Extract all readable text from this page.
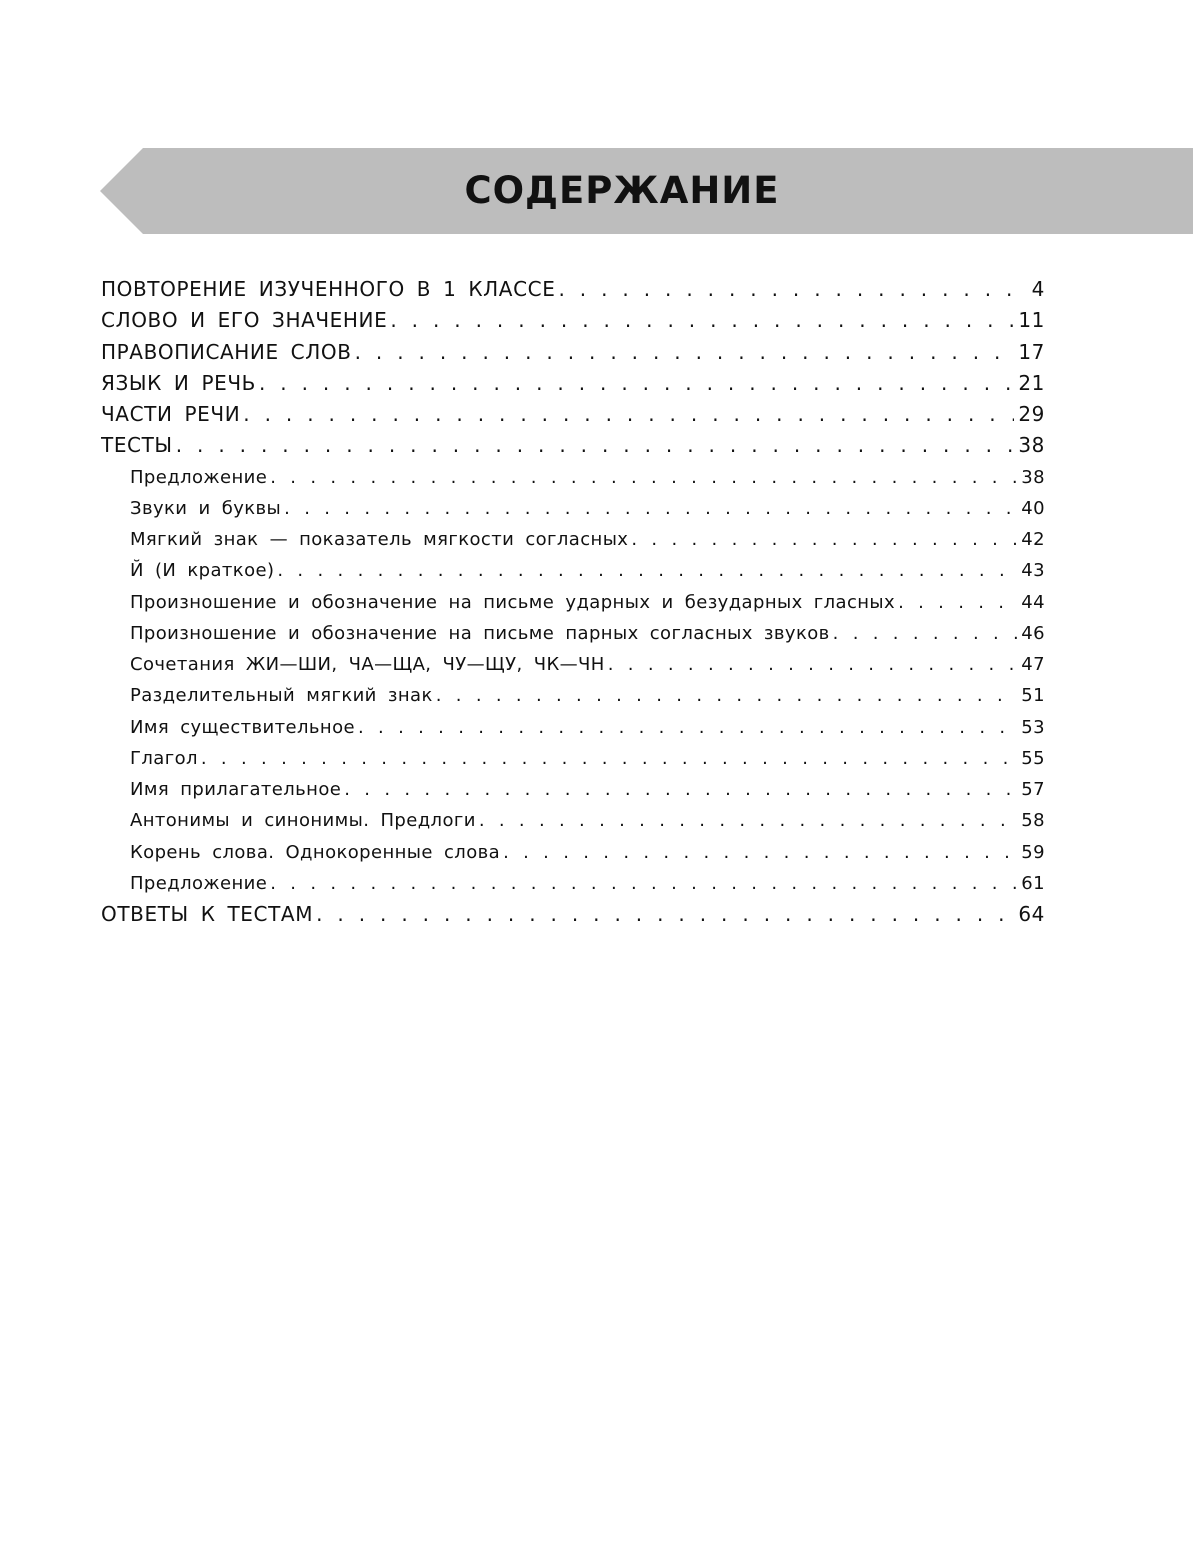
СОДЕРЖАНИЕ
ПОВТОРЕНИЕ ИЗУЧЕННОГО В 1 КЛАССЕ . . .	4
СЛОВО И ЕГО ЗНАЧЕНИЕ . . .	11
ПРАВОПИСАНИЕ СЛОВ . . .	17
ЯЗЫК И РЕЧЬ . . .	21
ЧАСТИ РЕЧИ . . .	29
ТЕСТЫ . . .	38
Предложение . . .	38
Звуки и буквы . . .	40
Мягкий знак — показатель мягкости согласных . . .	42
Й (И краткое) . . .	43
Произношение и обозначение на письме ударных и безударных гласных . . .	44
Произношение и обозначение на письме парных согласных звуков . . .	46
Сочетания ЖИ—ШИ, ЧА—ЩА, ЧУ—ЩУ, ЧК—ЧН . . .	47
Разделительный мягкий знак . . .	51
Имя существительное . . .	53
Глагол . . .	55
Имя прилагательное . . .	57
Антонимы и синонимы. Предлоги . . .	58
Корень слова. Однокоренные слова . . .	59
Предложение . . .	61
ОТВЕТЫ К ТЕСТАМ . . .	64
